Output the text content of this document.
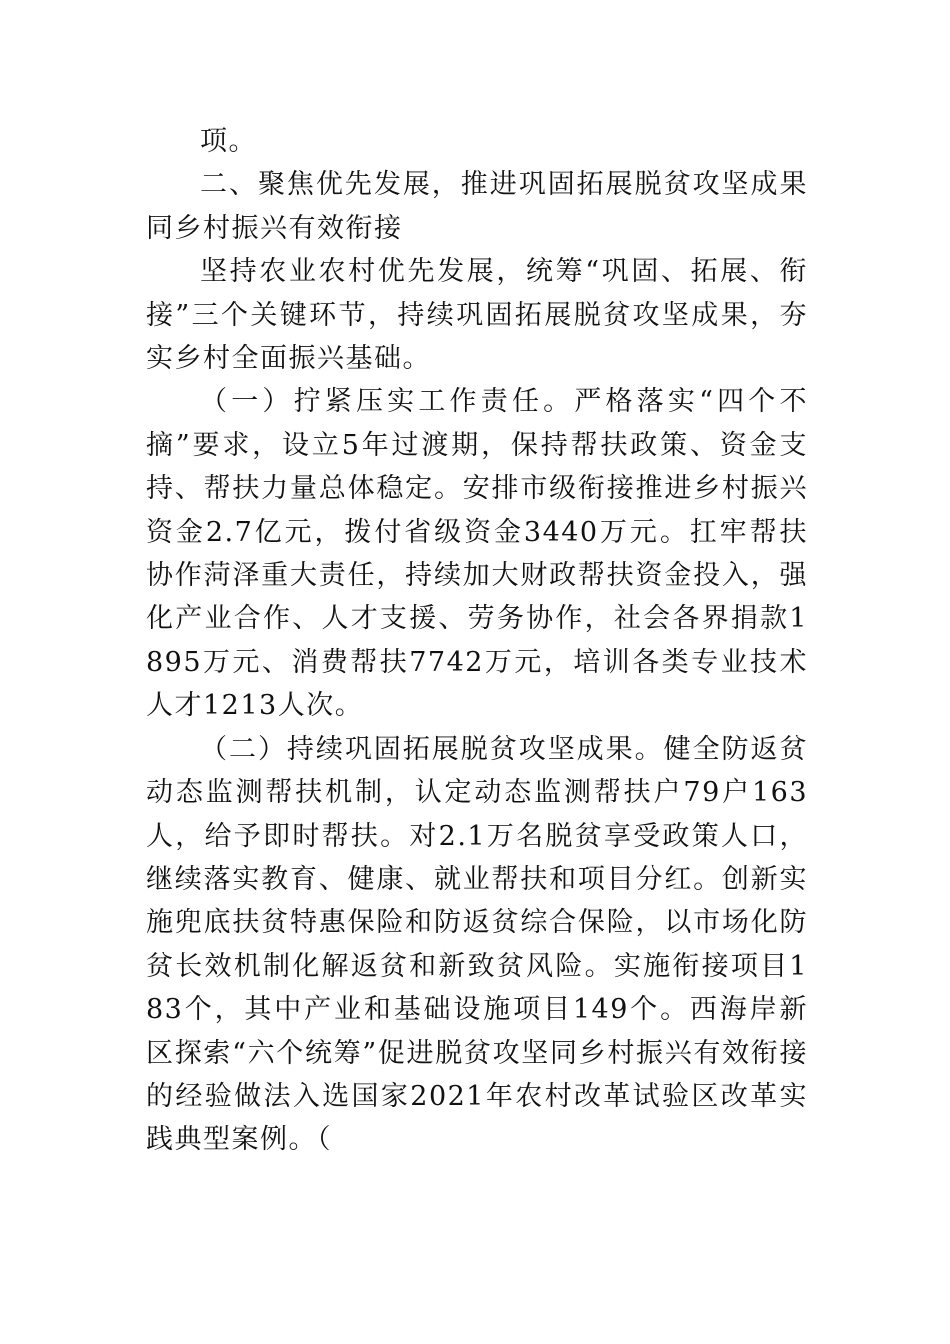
项。

二、聚焦优先发展，推进巩固拓展脱贫攻坚成果同乡村振兴有效衔接

坚持农业农村优先发展，统筹“巩固、拓展、衔接”三个关键环节，持续巩固拓展脱贫攻坚成果，夯实乡村全面振兴基础。

（一）拧紧压实工作责任。严格落实“四个不摘”要求，设立5年过渡期，保持帮扶政策、资金支持、帮扶力量总体稳定。安排市级衔接推进乡村振兴资金2.7亿元，拨付省级资金3440万元。扛牢帮扶协作菏泽重大责任，持续加大财政帮扶资金投入，强化产业合作、人才支援、劳务协作，社会各界捐款1895万元、消费帮扶7742万元，培训各类专业技术人才1213人次。

（二）持续巩固拓展脱贫攻坚成果。健全防返贫动态监测帮扶机制，认定动态监测帮扶户79户163人，给予即时帮扶。对2.1万名脱贫享受政策人口，继续落实教育、健康、就业帮扶和项目分红。创新实施兜底扶贫特惠保险和防返贫综合保险，以市场化防贫长效机制化解返贫和新致贫风险。实施衔接项目183个，其中产业和基础设施项目149个。西海岸新区探索“六个统筹”促进脱贫攻坚同乡村振兴有效衔接的经验做法入选国家2021年农村改革试验区改革实践典型案例。（
